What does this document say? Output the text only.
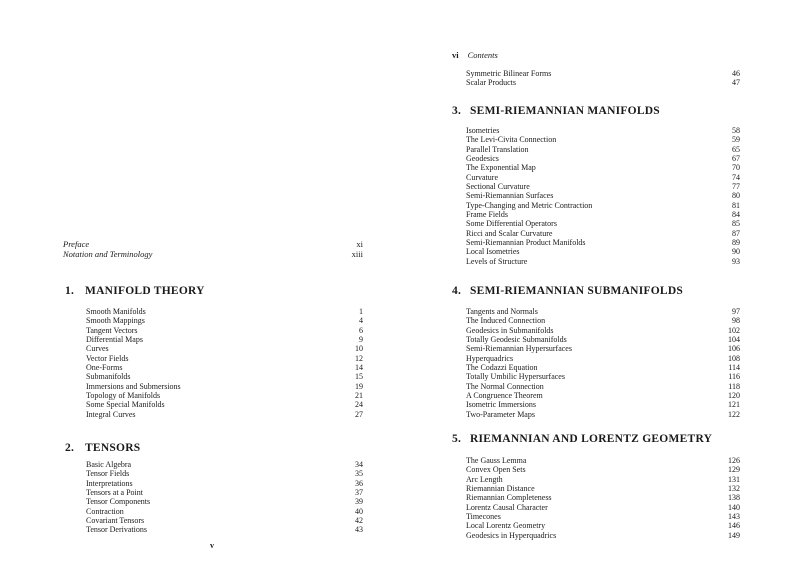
Preface	xi
Notation and Terminology	xiii
1. MANIFOLD THEORY
Smooth Manifolds	1
Smooth Mappings	4
Tangent Vectors	6
Differential Maps	9
Curves	10
Vector Fields	12
One-Forms	14
Submanifolds	15
Immersions and Submersions	19
Topology of Manifolds	21
Some Special Manifolds	24
Integral Curves	27
2. TENSORS
Basic Algebra	34
Tensor Fields	35
Interpretations	36
Tensors at a Point	37
Tensor Components	39
Contraction	40
Covariant Tensors	42
Tensor Derivations	43
v
vi Contents
Symmetric Bilinear Forms	46
Scalar Products	47
3. SEMI-RIEMANNIAN MANIFOLDS
Isometries	58
The Levi-Civita Connection	59
Parallel Translation	65
Geodesics	67
The Exponential Map	70
Curvature	74
Sectional Curvature	77
Semi-Riemannian Surfaces	80
Type-Changing and Metric Contraction	81
Frame Fields	84
Some Differential Operators	85
Ricci and Scalar Curvature	87
Semi-Riemannian Product Manifolds	89
Local Isometries	90
Levels of Structure	93
4. SEMI-RIEMANNIAN SUBMANIFOLDS
Tangents and Normals	97
The Induced Connection	98
Geodesics in Submanifolds	102
Totally Geodesic Submanifolds	104
Semi-Riemannian Hypersurfaces	106
Hyperquadrics	108
The Codazzi Equation	114
Totally Umbilic Hypersurfaces	116
The Normal Connection	118
A Congruence Theorem	120
Isometric Immersions	121
Two-Parameter Maps	122
5. RIEMANNIAN AND LORENTZ GEOMETRY
The Gauss Lemma	126
Convex Open Sets	129
Arc Length	131
Riemannian Distance	132
Riemannian Completeness	138
Lorentz Causal Character	140
Timecones	143
Local Lorentz Geometry	146
Geodesics in Hyperquadrics	149
